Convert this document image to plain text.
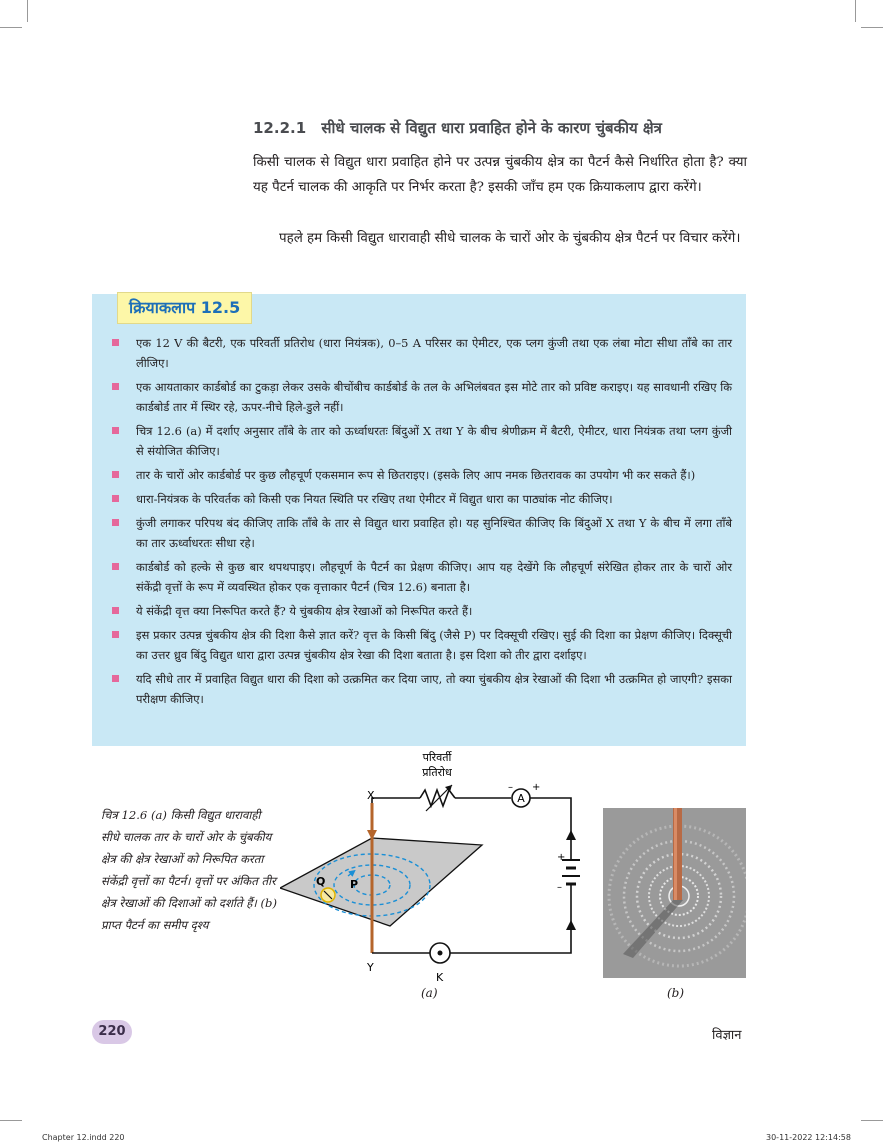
12.2.1 सीधे चालक से विद्युत धारा प्रवाहित होने के कारण चुंबकीय क्षेत्र
किसी चालक से विद्युत धारा प्रवाहित होने पर उत्पन्न चुंबकीय क्षेत्र का पैटर्न कैसे निर्धारित होता है? क्या यह पैटर्न चालक की आकृति पर निर्भर करता है? इसकी जाँच हम एक क्रियाकलाप द्वारा करेंगे।
पहले हम किसी विद्युत धारावाही सीधे चालक के चारों ओर के चुंबकीय क्षेत्र पैटर्न पर विचार करेंगे।
क्रियाकलाप 12.5
एक 12 V की बैटरी, एक परिवर्ती प्रतिरोध (धारा नियंत्रक), 0–5 A परिसर का ऐमीटर, एक प्लग कुंजी तथा एक लंबा मोटा सीधा ताँबे का तार लीजिए।
एक आयताकार कार्डबोर्ड का टुकड़ा लेकर उसके बीचोंबीच कार्डबोर्ड के तल के अभिलंबवत इस मोटे तार को प्रविष्ट कराइए। यह सावधानी रखिए कि कार्डबोर्ड तार में स्थिर रहे, ऊपर-नीचे हिले-डुले नहीं।
चित्र 12.6 (a) में दर्शाए अनुसार ताँबे के तार को ऊर्ध्वाधरतः बिंदुओं X तथा Y के बीच श्रेणीक्रम में बैटरी, ऐमीटर, धारा नियंत्रक तथा प्लग कुंजी से संयोजित कीजिए।
तार के चारों ओर कार्डबोर्ड पर कुछ लौहचूर्ण एकसमान रूप से छितराइए। (इसके लिए आप नमक छितरावक का उपयोग भी कर सकते हैं।)
धारा-नियंत्रक के परिवर्तक को किसी एक नियत स्थिति पर रखिए तथा ऐमीटर में विद्युत धारा का पाठ्यांक नोट कीजिए।
कुंजी लगाकर परिपथ बंद कीजिए ताकि ताँबे के तार से विद्युत धारा प्रवाहित हो। यह सुनिश्चित कीजिए कि बिंदुओं X तथा Y के बीच में लगा ताँबे का तार ऊर्ध्वाधरतः सीधा रहे।
कार्डबोर्ड को हल्के से कुछ बार थपथपाइए। लौहचूर्ण के पैटर्न का प्रेक्षण कीजिए। आप यह देखेंगे कि लौहचूर्ण संरेखित होकर तार के चारों ओर संकेंद्री वृत्तों के रूप में व्यवस्थित होकर एक वृत्ताकार पैटर्न (चित्र 12.6) बनाता है।
ये संकेंद्री वृत्त क्या निरूपित करते हैं? ये चुंबकीय क्षेत्र रेखाओं को निरूपित करते हैं।
इस प्रकार उत्पन्न चुंबकीय क्षेत्र की दिशा कैसे ज्ञात करें? वृत्त के किसी बिंदु (जैसे P) पर दिक्सूची रखिए। सुई की दिशा का प्रेक्षण कीजिए। दिक्सूची का उत्तर ध्रुव बिंदु विद्युत धारा द्वारा उत्पन्न चुंबकीय क्षेत्र रेखा की दिशा बताता है। इस दिशा को तीर द्वारा दर्शाइए।
यदि सीधे तार में प्रवाहित विद्युत धारा की दिशा को उत्क्रमित कर दिया जाए, तो क्या चुंबकीय क्षेत्र रेखाओं की दिशा भी उत्क्रमित हो जाएगी? इसका परीक्षण कीजिए।
चित्र 12.6 (a) किसी विद्युत धारावाही सीधे चालक तार के चारों ओर के चुंबकीय क्षेत्र की क्षेत्र रेखाओं को निरूपित करता संकेंद्री वृत्तों का पैटर्न। वृत्तों पर अंकित तीर क्षेत्र रेखाओं की दिशाओं को दर्शाते हैं। (b) प्राप्त पैटर्न का समीप दृश्य
A
– +
+
–
परिवर्ती
प्रतिरोध
X
Y
K
P
Q
(a)	(b)
220	विज्ञान
Chapter 12.indd 220	30-11-2022 12:14:58
